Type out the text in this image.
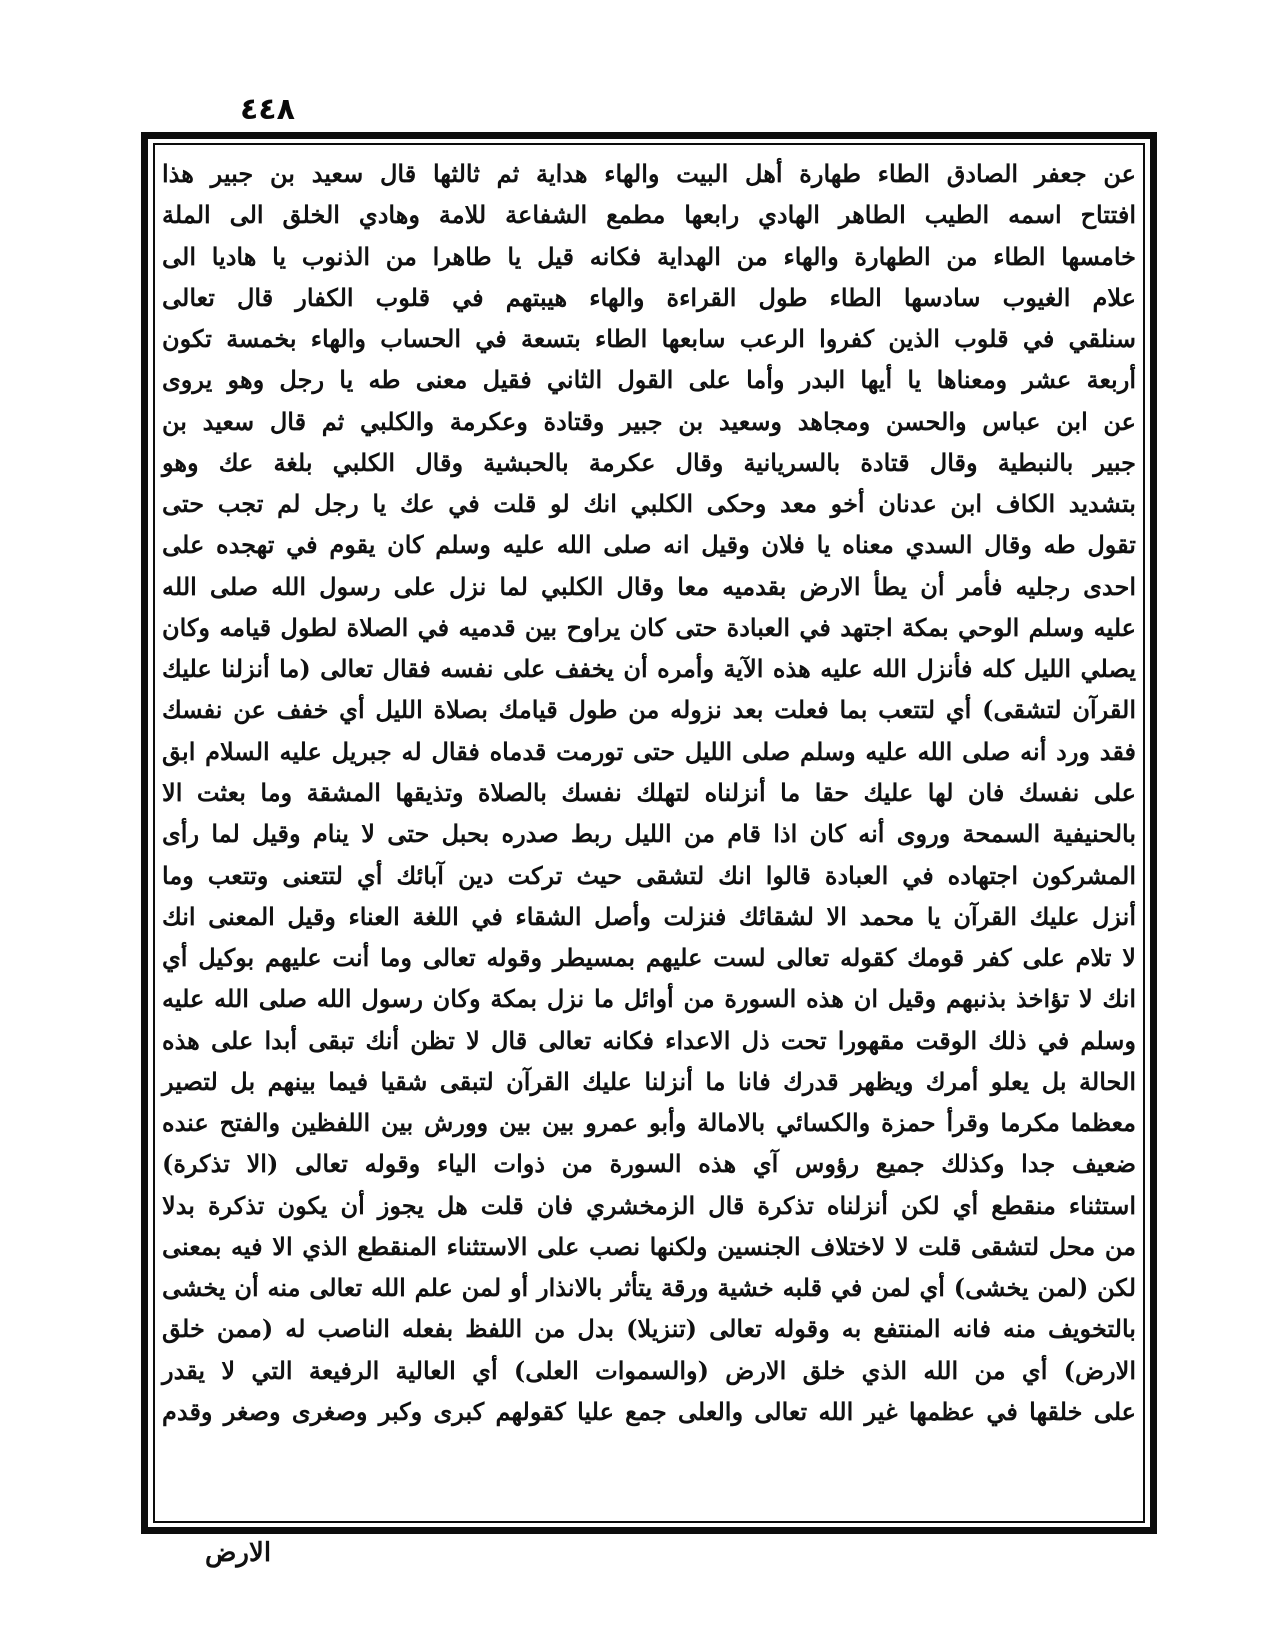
٤٤٨
عن جعفر الصادق الطاء طهارة أهل البيت والهاء هداية ثم ثالثها قال سعيد بن جبير هذا
افتتاح اسمه الطيب الطاهر الهادي رابعها مطمع الشفاعة للامة وهادي الخلق الى الملة
خامسها الطاء من الطهارة والهاء من الهداية فكانه قيل يا طاهرا من الذنوب يا هاديا الى
علام الغيوب سادسها الطاء طول القراءة والهاء هيبتهم في قلوب الكفار قال تعالى
سنلقي في قلوب الذين كفروا الرعب سابعها الطاء بتسعة في الحساب والهاء بخمسة تكون
أربعة عشر ومعناها يا أيها البدر وأما على القول الثاني فقيل معنى طه يا رجل وهو يروى
عن ابن عباس والحسن ومجاهد وسعيد بن جبير وقتادة وعكرمة والكلبي ثم قال سعيد بن
جبير بالنبطية وقال قتادة بالسريانية وقال عكرمة بالحبشية وقال الكلبي بلغة عك وهو
بتشديد الكاف ابن عدنان أخو معد وحكى الكلبي انك لو قلت في عك يا رجل لم تجب حتى
تقول طه وقال السدي معناه يا فلان وقيل انه صلى الله عليه وسلم كان يقوم في تهجده على
احدى رجليه فأمر أن يطأ الارض بقدميه معا وقال الكلبي لما نزل على رسول الله صلى الله
عليه وسلم الوحي بمكة اجتهد في العبادة حتى كان يراوح بين قدميه في الصلاة لطول قيامه وكان
يصلي الليل كله فأنزل الله عليه هذه الآية وأمره أن يخفف على نفسه فقال تعالى (ما أنزلنا عليك
القرآن لتشقى) أي لتتعب بما فعلت بعد نزوله من طول قيامك بصلاة الليل أي خفف عن نفسك
فقد ورد أنه صلى الله عليه وسلم صلى الليل حتى تورمت قدماه فقال له جبريل عليه السلام ابق
على نفسك فان لها عليك حقا ما أنزلناه لتهلك نفسك بالصلاة وتذيقها المشقة وما بعثت الا
بالحنيفية السمحة وروى أنه كان اذا قام من الليل ربط صدره بحبل حتى لا ينام وقيل لما رأى
المشركون اجتهاده في العبادة قالوا انك لتشقى حيث تركت دين آبائك أي لتتعنى وتتعب وما
أنزل عليك القرآن يا محمد الا لشقائك فنزلت وأصل الشقاء في اللغة العناء وقيل المعنى انك
لا تلام على كفر قومك كقوله تعالى لست عليهم بمسيطر وقوله تعالى وما أنت عليهم بوكيل أي
انك لا تؤاخذ بذنبهم وقيل ان هذه السورة من أوائل ما نزل بمكة وكان رسول الله صلى الله عليه
وسلم في ذلك الوقت مقهورا تحت ذل الاعداء فكانه تعالى قال لا تظن أنك تبقى أبدا على هذه
الحالة بل يعلو أمرك ويظهر قدرك فانا ما أنزلنا عليك القرآن لتبقى شقيا فيما بينهم بل لتصير
معظما مكرما وقرأ حمزة والكسائي بالامالة وأبو عمرو بين بين وورش بين اللفظين والفتح عنده
ضعيف جدا وكذلك جميع رؤوس آي هذه السورة من ذوات الياء وقوله تعالى (الا تذكرة)
استثناء منقطع أي لكن أنزلناه تذكرة قال الزمخشري فان قلت هل يجوز أن يكون تذكرة بدلا
من محل لتشقى قلت لا لاختلاف الجنسين ولكنها نصب على الاستثناء المنقطع الذي الا فيه بمعنى
لكن (لمن يخشى) أي لمن في قلبه خشية ورقة يتأثر بالانذار أو لمن علم الله تعالى منه أن يخشى
بالتخويف منه فانه المنتفع به وقوله تعالى (تنزيلا) بدل من اللفظ بفعله الناصب له (ممن خلق
الارض) أي من الله الذي خلق الارض (والسموات العلى) أي العالية الرفيعة التي لا يقدر
على خلقها في عظمها غير الله تعالى والعلى جمع عليا كقولهم كبرى وكبر وصغرى وصغر وقدم
الارض
